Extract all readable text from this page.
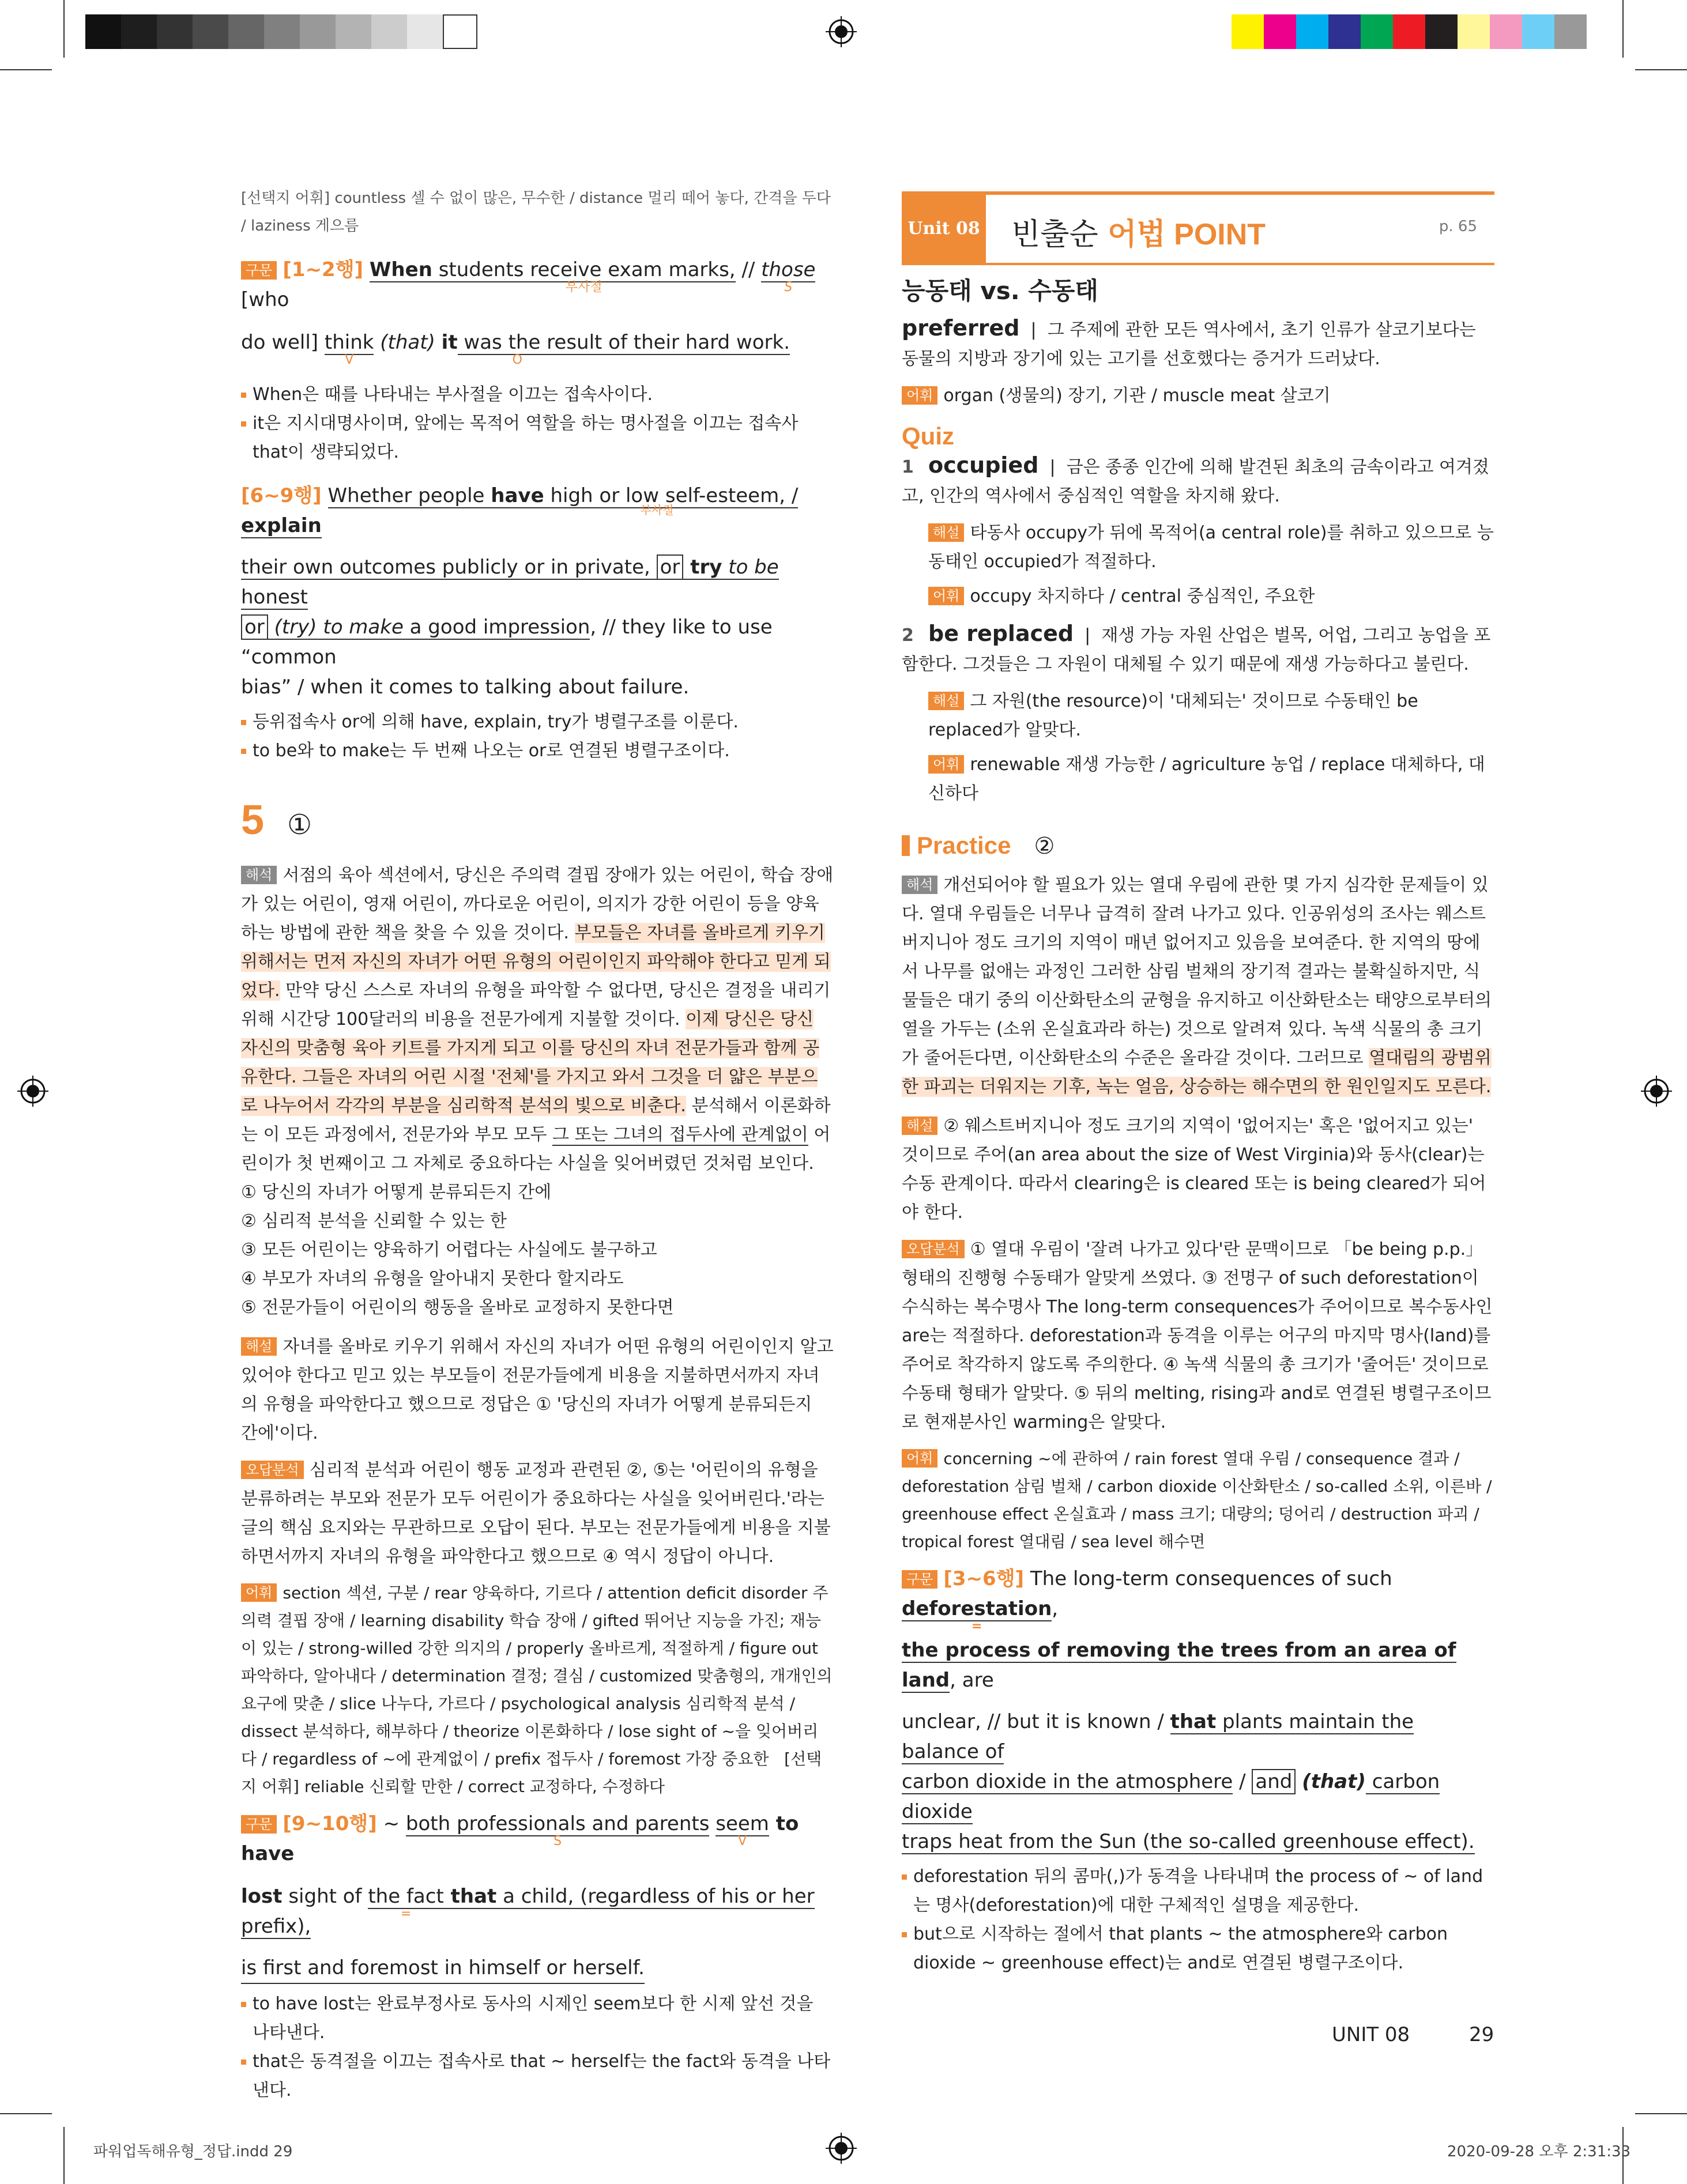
[선택지 어휘] countless 셀 수 없이 많은, 무수한 / distance 멀리 떼어 놓다, 간격을 두다 / laziness 게으름

구문 [1~2행] When students receive exam marks,
부사절
// those
S
[who
do well] think
V
(that) it was the result of their hard work.
O

When은 때를 나타내는 부사절을 이끄는 접속사이다.

it은 지시대명사이며, 앞에는 목적어 역할을 하는 명사절을 이끄는 접속사 that이 생략되었다.

[6~9행] Whether people have high or low self-esteem, /
부사절
explain
their own outcomes publicly or in private, or try to be honest
or (try) to make a good impression, // they like to use “common
bias” / when it comes to talking about failure.

등위접속사 or에 의해 have, explain, try가 병렬구조를 이룬다.

to be와 to make는 두 번째 나오는 or로 연결된 병렬구조이다.

5 ①

해석 서점의 육아 섹션에서, 당신은 주의력 결핍 장애가 있는 어린이, 학습 장애가 있는 어린이, 영재 어린이, 까다로운 어린이, 의지가 강한 어린이 등을 양육하는 방법에 관한 책을 찾을 수 있을 것이다. 부모들은 자녀를 올바르게 키우기 위해서는 먼저 자신의 자녀가 어떤 유형의 어린이인지 파악해야 한다고 믿게 되었다. 만약 당신 스스로 자녀의 유형을 파악할 수 없다면, 당신은 결정을 내리기 위해 시간당 100달러의 비용을 전문가에게 지불할 것이다. 이제 당신은 당신 자신의 맞춤형 육아 키트를 가지게 되고 이를 당신의 자녀 전문가들과 함께 공유한다. 그들은 자녀의 어린 시절 '전체'를 가지고 와서 그것을 더 얇은 부분으로 나누어서 각각의 부분을 심리학적 분석의 빛으로 비춘다. 분석해서 이론화하는 이 모든 과정에서, 전문가와 부모 모두 그 또는 그녀의 접두사에 관계없이 어린이가 첫 번째이고 그 자체로 중요하다는 사실을 잊어버렸던 것처럼 보인다.

① 당신의 자녀가 어떻게 분류되든지 간에

② 심리적 분석을 신뢰할 수 있는 한

③ 모든 어린이는 양육하기 어렵다는 사실에도 불구하고

④ 부모가 자녀의 유형을 알아내지 못한다 할지라도

⑤ 전문가들이 어린이의 행동을 올바로 교정하지 못한다면

해설 자녀를 올바로 키우기 위해서 자신의 자녀가 어떤 유형의 어린이인지 알고 있어야 한다고 믿고 있는 부모들이 전문가들에게 비용을 지불하면서까지 자녀의 유형을 파악한다고 했으므로 정답은 ① '당신의 자녀가 어떻게 분류되든지 간에'이다.

오답분석 심리적 분석과 어린이 행동 교정과 관련된 ②, ⑤는 '어린이의 유형을 분류하려는 부모와 전문가 모두 어린이가 중요하다는 사실을 잊어버린다.'라는 글의 핵심 요지와는 무관하므로 오답이 된다. 부모는 전문가들에게 비용을 지불하면서까지 자녀의 유형을 파악한다고 했으므로 ④ 역시 정답이 아니다.

어휘 section 섹션, 구분 / rear 양육하다, 기르다 / attention deficit disorder 주의력 결핍 장애 / learning disability 학습 장애 / gifted 뛰어난 지능을 가진; 재능이 있는 / strong-willed 강한 의지의 / properly 올바르게, 적절하게 / figure out 파악하다, 알아내다 / determination 결정; 결심 / customized 맞춤형의, 개개인의 요구에 맞춘 / slice 나누다, 가르다 / psychological analysis 심리학적 분석 / dissect 분석하다, 해부하다 / theorize 이론화하다 / lose sight of ~을 잊어버리다 / regardless of ~에 관계없이 / prefix 접두사 / foremost 가장 중요한 [선택지 어휘] reliable 신뢰할 만한 / correct 교정하다, 수정하다

구문 [9~10행] ~ both professionals and parents
S
seem
V
to have
lost sight of the fact
=
that a child, (regardless of his or her prefix),
is first and foremost in himself or herself.

to have lost는 완료부정사로 동사의 시제인 seem보다 한 시제 앞선 것을 나타낸다.

that은 동격절을 이끄는 접속사로 that ~ herself는 the fact와 동격을 나타낸다.

Unit 08 빈출순 어법 POINT	p. 65

능동태 vs. 수동태

preferred  |  그 주제에 관한 모든 역사에서, 초기 인류가 살코기보다는 동물의 지방과 장기에 있는 고기를 선호했다는 증거가 드러났다.

어휘 organ (생물의) 장기, 기관 / muscle meat 살코기

Quiz

1 occupied  |  금은 종종 인간에 의해 발견된 최초의 금속이라고 여겨졌고, 인간의 역사에서 중심적인 역할을 차지해 왔다.

해설 타동사 occupy가 뒤에 목적어(a central role)를 취하고 있으므로 능동태인 occupied가 적절하다.

어휘 occupy 차지하다 / central 중심적인, 주요한

2 be replaced  |  재생 가능 자원 산업은 벌목, 어업, 그리고 농업을 포함한다. 그것들은 그 자원이 대체될 수 있기 때문에 재생 가능하다고 불린다.

해설 그 자원(the resource)이 '대체되는' 것이므로 수동태인 be replaced가 알맞다.

어휘 renewable 재생 가능한 / agriculture 농업 / replace 대체하다, 대신하다

Practice ②

해석 개선되어야 할 필요가 있는 열대 우림에 관한 몇 가지 심각한 문제들이 있다. 열대 우림들은 너무나 급격히 잘려 나가고 있다. 인공위성의 조사는 웨스트버지니아 정도 크기의 지역이 매년 없어지고 있음을 보여준다. 한 지역의 땅에서 나무를 없애는 과정인 그러한 삼림 벌채의 장기적 결과는 불확실하지만, 식물들은 대기 중의 이산화탄소의 균형을 유지하고 이산화탄소는 태양으로부터의 열을 가두는 (소위 온실효과라 하는) 것으로 알려져 있다. 녹색 식물의 총 크기가 줄어든다면, 이산화탄소의 수준은 올라갈 것이다. 그러므로 열대림의 광범위한 파괴는 더워지는 기후, 녹는 얼음, 상승하는 해수면의 한 원인일지도 모른다.

해설 ② 웨스트버지니아 정도 크기의 지역이 '없어지는' 혹은 '없어지고 있는' 것이므로 주어(an area about the size of West Virginia)와 동사(clear)는 수동 관계이다. 따라서 clearing은 is cleared 또는 is being cleared가 되어야 한다.

오답분석 ① 열대 우림이 '잘려 나가고 있다'란 문맥이므로 「be being p.p.」 형태의 진행형 수동태가 알맞게 쓰였다. ③ 전명구 of such deforestation이 수식하는 복수명사 The long-term consequences가 주어이므로 복수동사인 are는 적절하다. deforestation과 동격을 이루는 어구의 마지막 명사(land)를 주어로 착각하지 않도록 주의한다. ④ 녹색 식물의 총 크기가 '줄어든' 것이므로 수동태 형태가 알맞다. ⑤ 뒤의 melting, rising과 and로 연결된 병렬구조이므로 현재분사인 warming은 알맞다.

어휘 concerning ~에 관하여 / rain forest 열대 우림 / consequence 결과 / deforestation 삼림 벌채 / carbon dioxide 이산화탄소 / so-called 소위, 이른바 / greenhouse effect 온실효과 / mass 크기; 대량의; 덩어리 / destruction 파괴 / tropical forest 열대림 / sea level 해수면

구문 [3~6행] The long-term consequences of such deforestation
=
,
the process of removing the trees from an area of land, are
unclear, // but it is known / that plants maintain the balance of
carbon dioxide in the atmosphere / and (that) carbon dioxide
traps heat from the Sun (the so-called greenhouse effect).

deforestation 뒤의 콤마(,)가 동격을 나타내며 the process of ~ of land는 명사(deforestation)에 대한 구체적인 설명을 제공한다.

but으로 시작하는 절에서 that plants ~ the atmosphere와 carbon dioxide ~ greenhouse effect)는 and로 연결된 병렬구조이다.

UNIT 08	29
파워업독해유형_정답.indd 29	2020-09-28 오후 2:31:33
